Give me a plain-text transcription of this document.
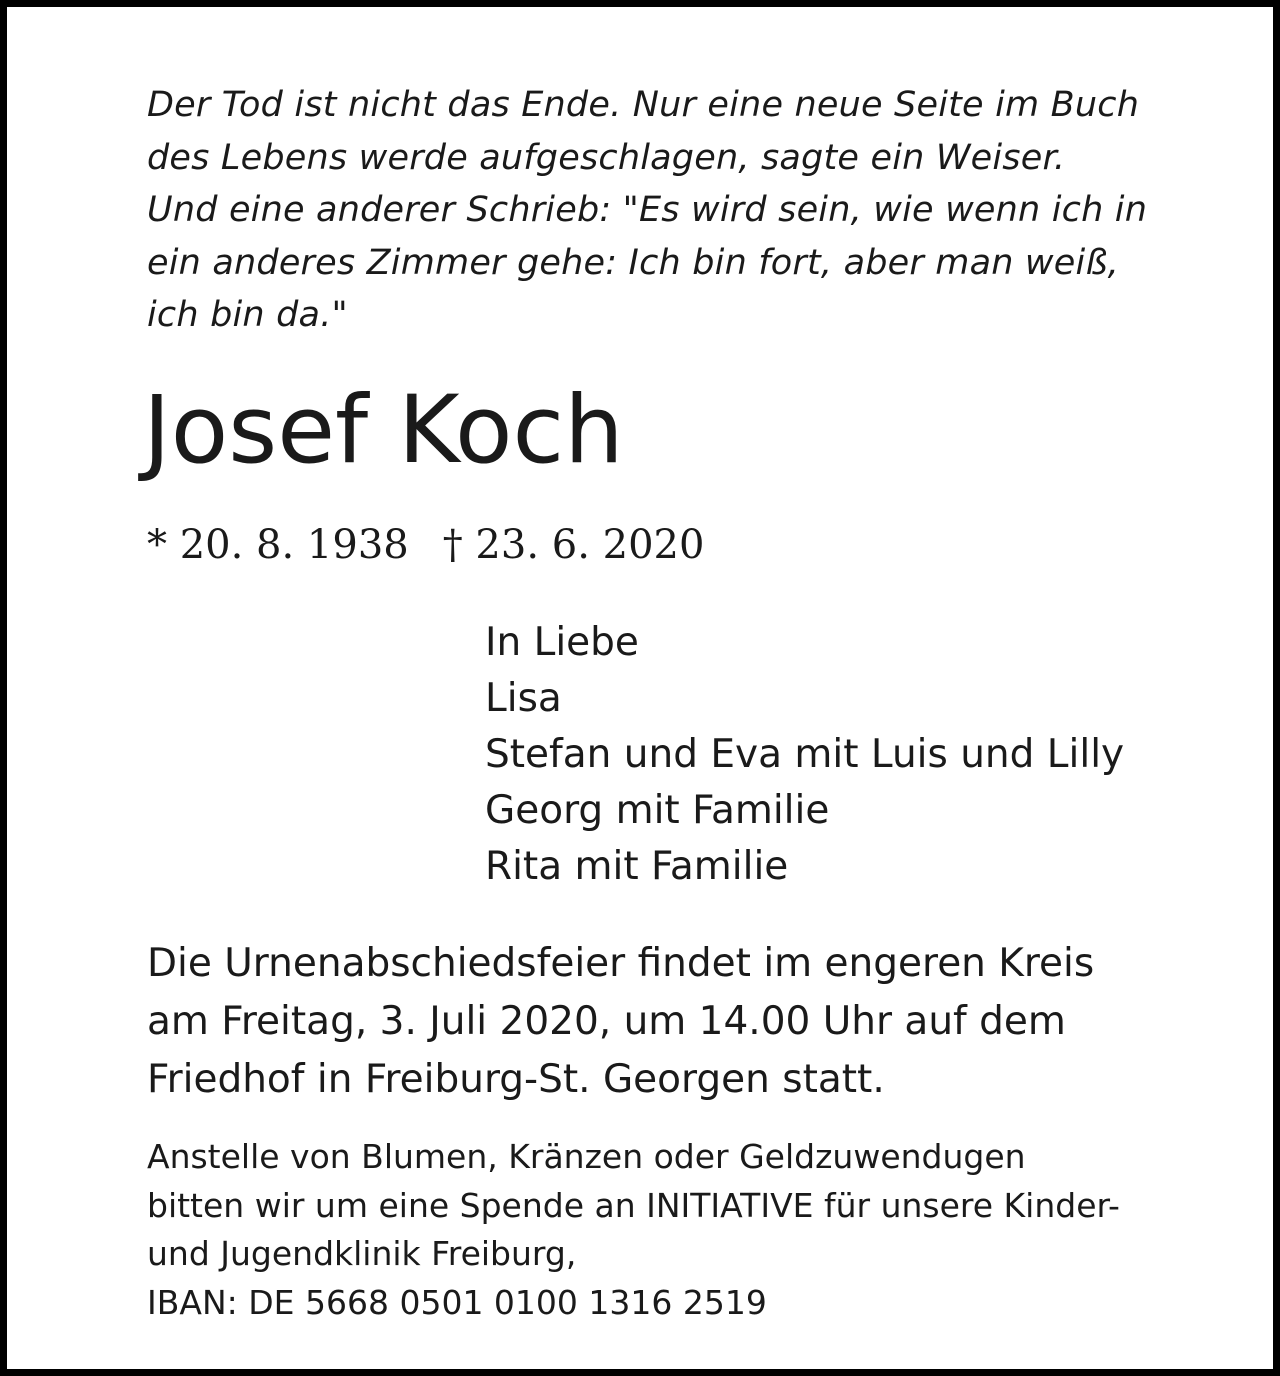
Der Tod ist nicht das Ende. Nur eine neue Seite im Buch
des Lebens werde aufgeschlagen, sagte ein Weiser.
Und eine anderer Schrieb: "Es wird sein, wie wenn ich in
ein anderes Zimmer gehe: Ich bin fort, aber man weiß,
ich bin da."
Josef Koch
* 20. 8. 1938 † 23. 6. 2020
In Liebe
Lisa
Stefan und Eva mit Luis und Lilly
Georg mit Familie
Rita mit Familie
Die Urnenabschiedsfeier findet im engeren Kreis
am Freitag, 3. Juli 2020, um 14.00 Uhr auf dem
Friedhof in Freiburg-St. Georgen statt.
Anstelle von Blumen, Kränzen oder Geldzuwendugen
bitten wir um eine Spende an INITIATIVE für unsere Kinder-
und Jugendklinik Freiburg,
IBAN: DE 5668 0501 0100 1316 2519
